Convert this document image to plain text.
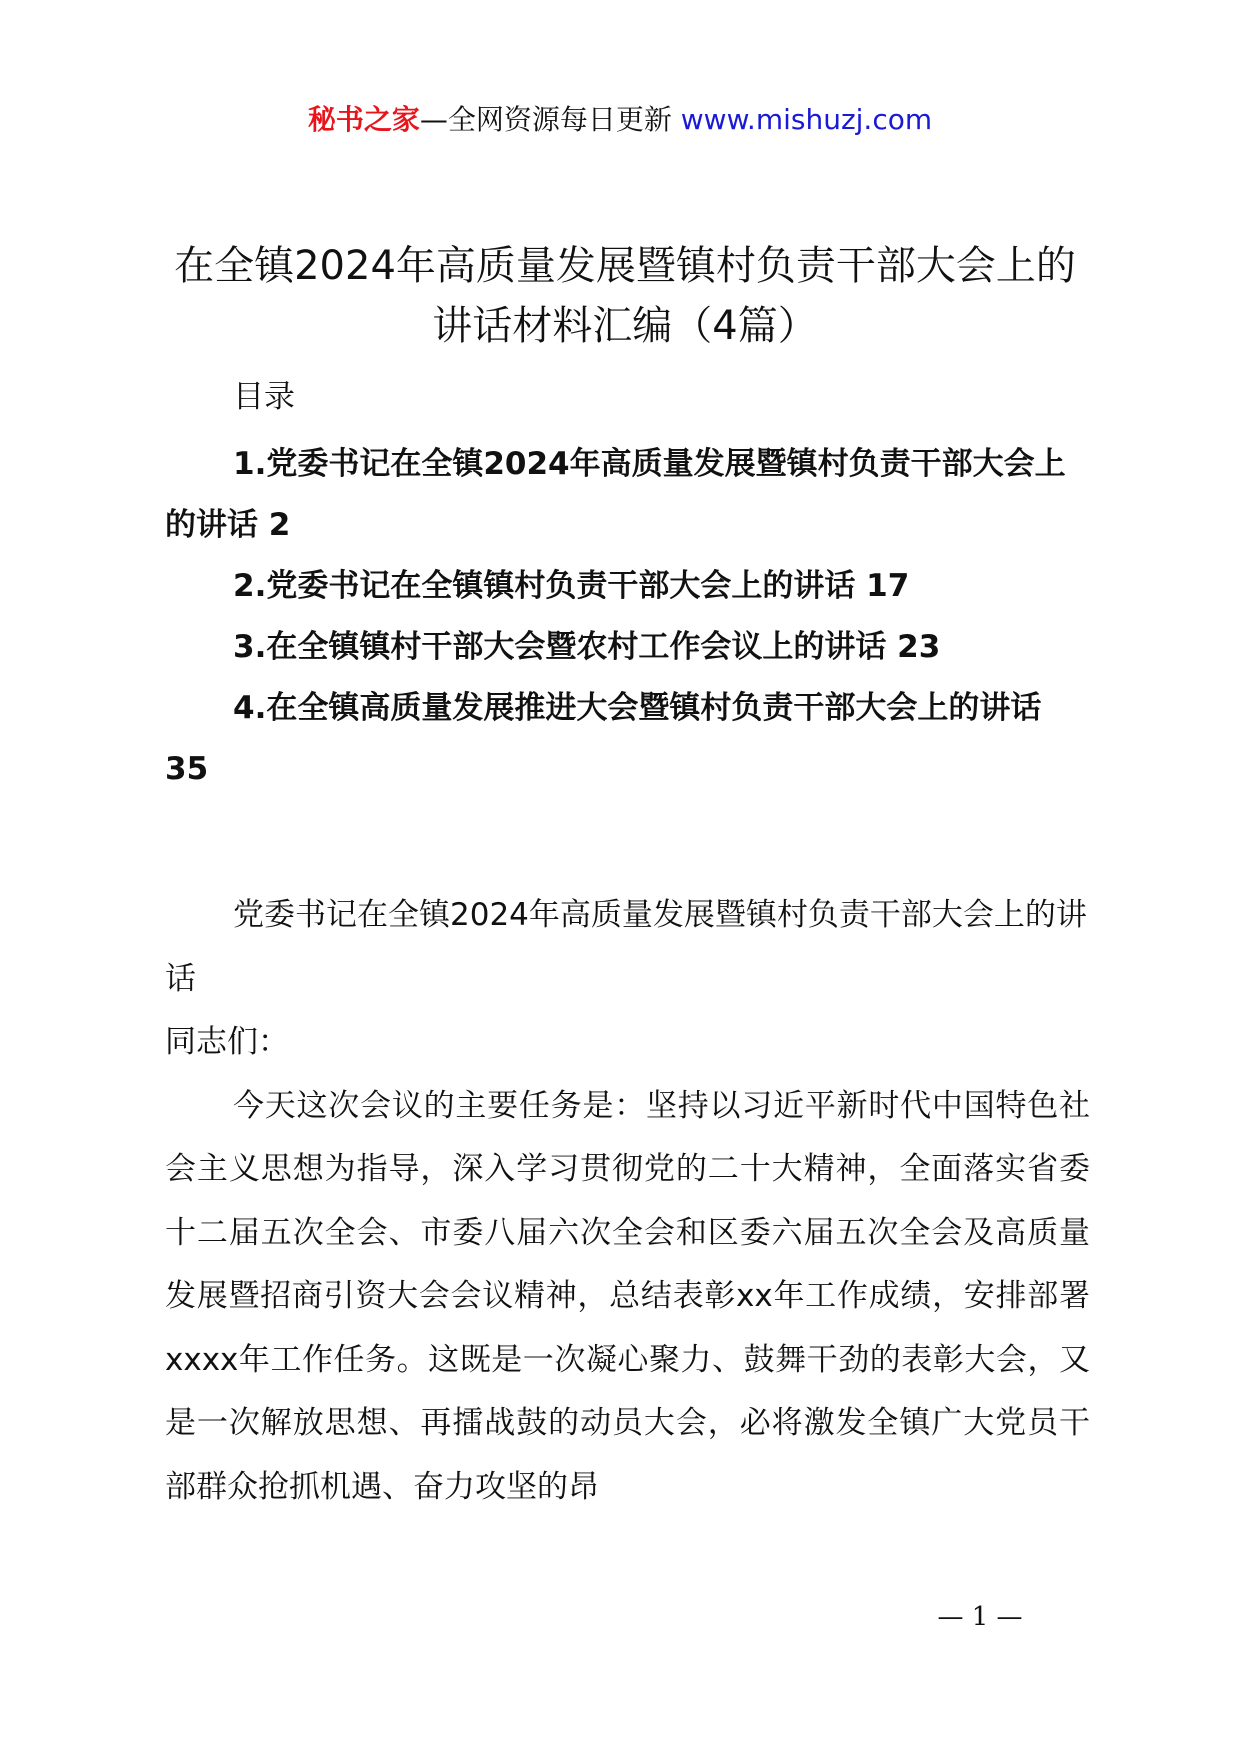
秘书之家—全网资源每日更新 www.mishuzj.com
在全镇2024年高质量发展暨镇村负责干部大会上的讲话材料汇编（4篇）
目录

1.党委书记在全镇2024年高质量发展暨镇村负责干部大会上的讲话 2

2.党委书记在全镇镇村负责干部大会上的讲话 17

3.在全镇镇村干部大会暨农村工作会议上的讲话 23

4.在全镇高质量发展推进大会暨镇村负责干部大会上的讲话 35

党委书记在全镇2024年高质量发展暨镇村负责干部大会上的讲话

同志们：

今天这次会议的主要任务是：坚持以习近平新时代中国特色社会主义思想为指导，深入学习贯彻党的二十大精神，全面落实省委十二届五次全会、市委八届六次全会和区委六届五次全会及高质量发展暨招商引资大会会议精神，总结表彰xx年工作成绩，安排部署xxxx年工作任务。这既是一次凝心聚力、鼓舞干劲的表彰大会，又是一次解放思想、再擂战鼓的动员大会，必将激发全镇广大党员干部群众抢抓机遇、奋力攻坚的昂

— 1 —
